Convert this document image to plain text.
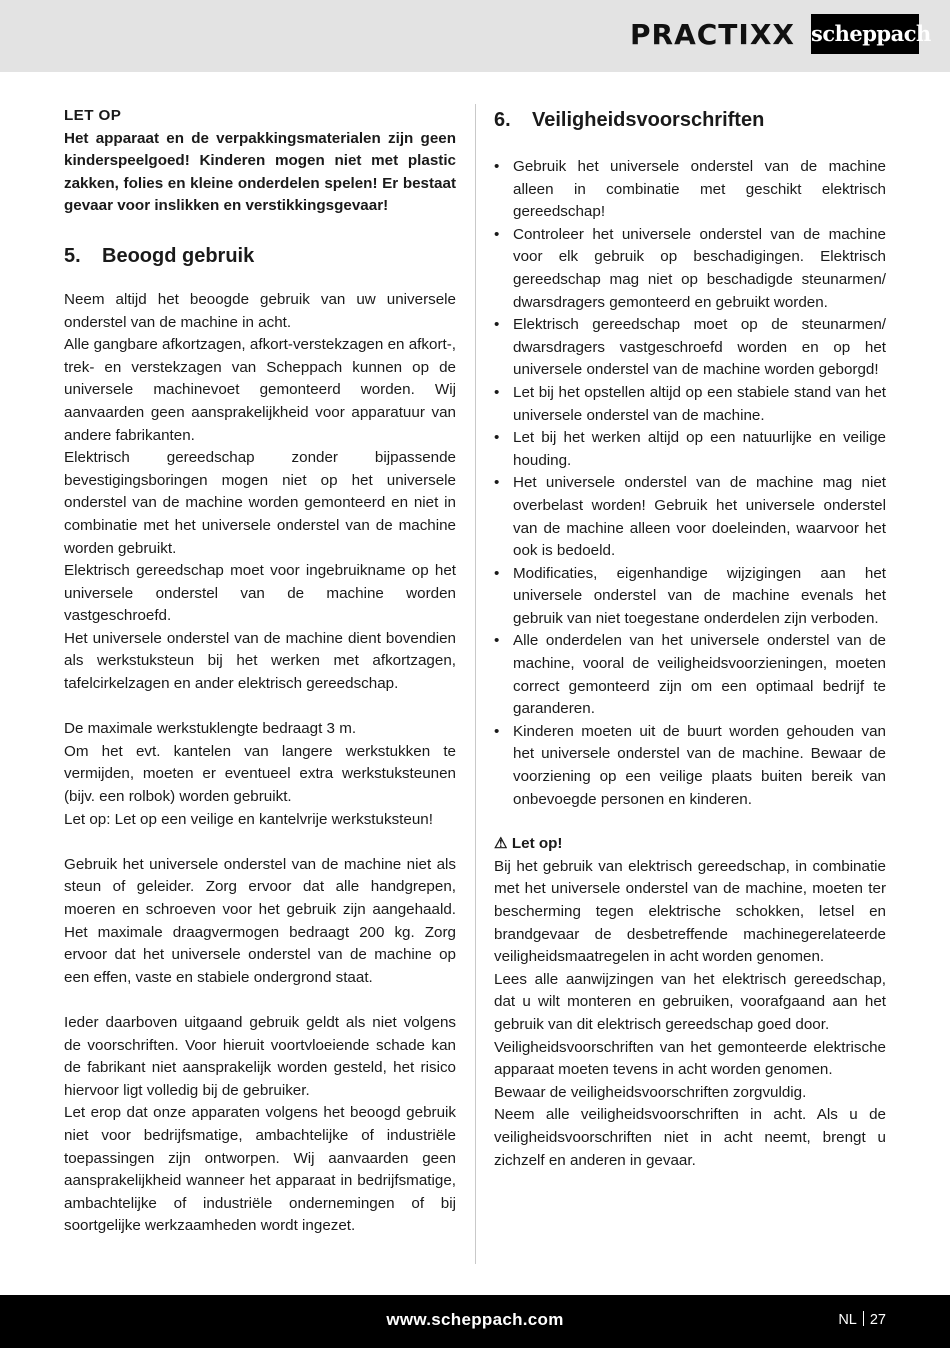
PRACTIXX scheppach
LET OP
Het apparaat en de verpakkingsmaterialen zijn geen kinderspeelgoed! Kinderen mogen niet met plastic zakken, folies en kleine onderdelen spelen! Er bestaat gevaar voor inslikken en verstikkingsgevaar!
5. Beoogd gebruik

Neem altijd het beoogde gebruik van uw universele onderstel van de machine in acht.

Alle gangbare afkortzagen, afkort-verstekzagen en afkort-, trek- en verstekzagen van Scheppach kunnen op de universele machinevoet gemonteerd worden. Wij aanvaarden geen aansprakelijkheid voor apparatuur van andere fabrikanten.

Elektrisch gereedschap zonder bijpassende bevestigingsboringen mogen niet op het universele onderstel van de machine worden gemonteerd en niet in combinatie met het universele onderstel van de machine worden gebruikt.

Elektrisch gereedschap moet voor ingebruikname op het universele onderstel van de machine worden vastgeschroefd.

Het universele onderstel van de machine dient bovendien als werkstuksteun bij het werken met afkortzagen, tafelcirkelzagen en ander elektrisch gereedschap.

De maximale werkstuklengte bedraagt 3 m.

Om het evt. kantelen van langere werkstukken te vermijden, moeten er eventueel extra werkstuksteunen (bijv. een rolbok) worden gebruikt.

Let op: Let op een veilige en kantelvrije werkstuksteun!

Gebruik het universele onderstel van de machine niet als steun of geleider. Zorg ervoor dat alle handgrepen, moeren en schroeven voor het gebruik zijn aangehaald. Het maximale draagvermogen bedraagt 200 kg. Zorg ervoor dat het universele onderstel van de machine op een effen, vaste en stabiele ondergrond staat.

Ieder daarboven uitgaand gebruik geldt als niet volgens de voorschriften. Voor hieruit voortvloeiende schade kan de fabrikant niet aansprakelijk worden gesteld, het risico hiervoor ligt volledig bij de gebruiker.

Let erop dat onze apparaten volgens het beoogd gebruik niet voor bedrijfsmatige, ambachtelijke of industriële toepassingen zijn ontworpen. Wij aanvaarden geen aansprakelijkheid wanneer het apparaat in bedrijfsmatige, ambachtelijke of industriële ondernemingen of bij soortgelijke werkzaamheden wordt ingezet.

6. Veiligheidsvoorschriften
• Gebruik het universele onderstel van de machine alleen in combinatie met geschikt elektrisch gereedschap!
• Controleer het universele onderstel van de machine voor elk gebruik op beschadigingen. Elektrisch gereedschap mag niet op beschadigde steunarmen/ dwarsdragers gemonteerd en gebruikt worden.
• Elektrisch gereedschap moet op de steunarmen/ dwarsdragers vastgeschroefd worden en op het universele onderstel van de machine worden geborgd!
• Let bij het opstellen altijd op een stabiele stand van het universele onderstel van de machine.
• Let bij het werken altijd op een natuurlijke en veilige houding.
• Het universele onderstel van de machine mag niet overbelast worden! Gebruik het universele onderstel van de machine alleen voor doeleinden, waarvoor het ook is bedoeld.
• Modificaties, eigenhandige wijzigingen aan het universele onderstel van de machine evenals het gebruik van niet toegestane onderdelen zijn verboden.
• Alle onderdelen van het universele onderstel van de machine, vooral de veiligheidsvoorzieningen, moeten correct gemonteerd zijn om een optimaal bedrijf te garanderen.
• Kinderen moeten uit de buurt worden gehouden van het universele onderstel van de machine. Bewaar de voorziening op een veilige plaats buiten bereik van onbevoegde personen en kinderen.
⚠ Let op!

Bij het gebruik van elektrisch gereedschap, in combinatie met het universele onderstel van de machine, moeten ter bescherming tegen elektrische schokken, letsel en brandgevaar de desbetreffende machinegerelateerde veiligheidsmaatregelen in acht worden genomen.

Lees alle aanwijzingen van het elektrisch gereedschap, dat u wilt monteren en gebruiken, voorafgaand aan het gebruik van dit elektrisch gereedschap goed door.

Veiligheidsvoorschriften van het gemonteerde elektrische apparaat moeten tevens in acht worden genomen.

Bewaar de veiligheidsvoorschriften zorgvuldig.

Neem alle veiligheidsvoorschriften in acht. Als u de veiligheidsvoorschriften niet in acht neemt, brengt u zichzelf en anderen in gevaar.

www.scheppach.com	NL 27
